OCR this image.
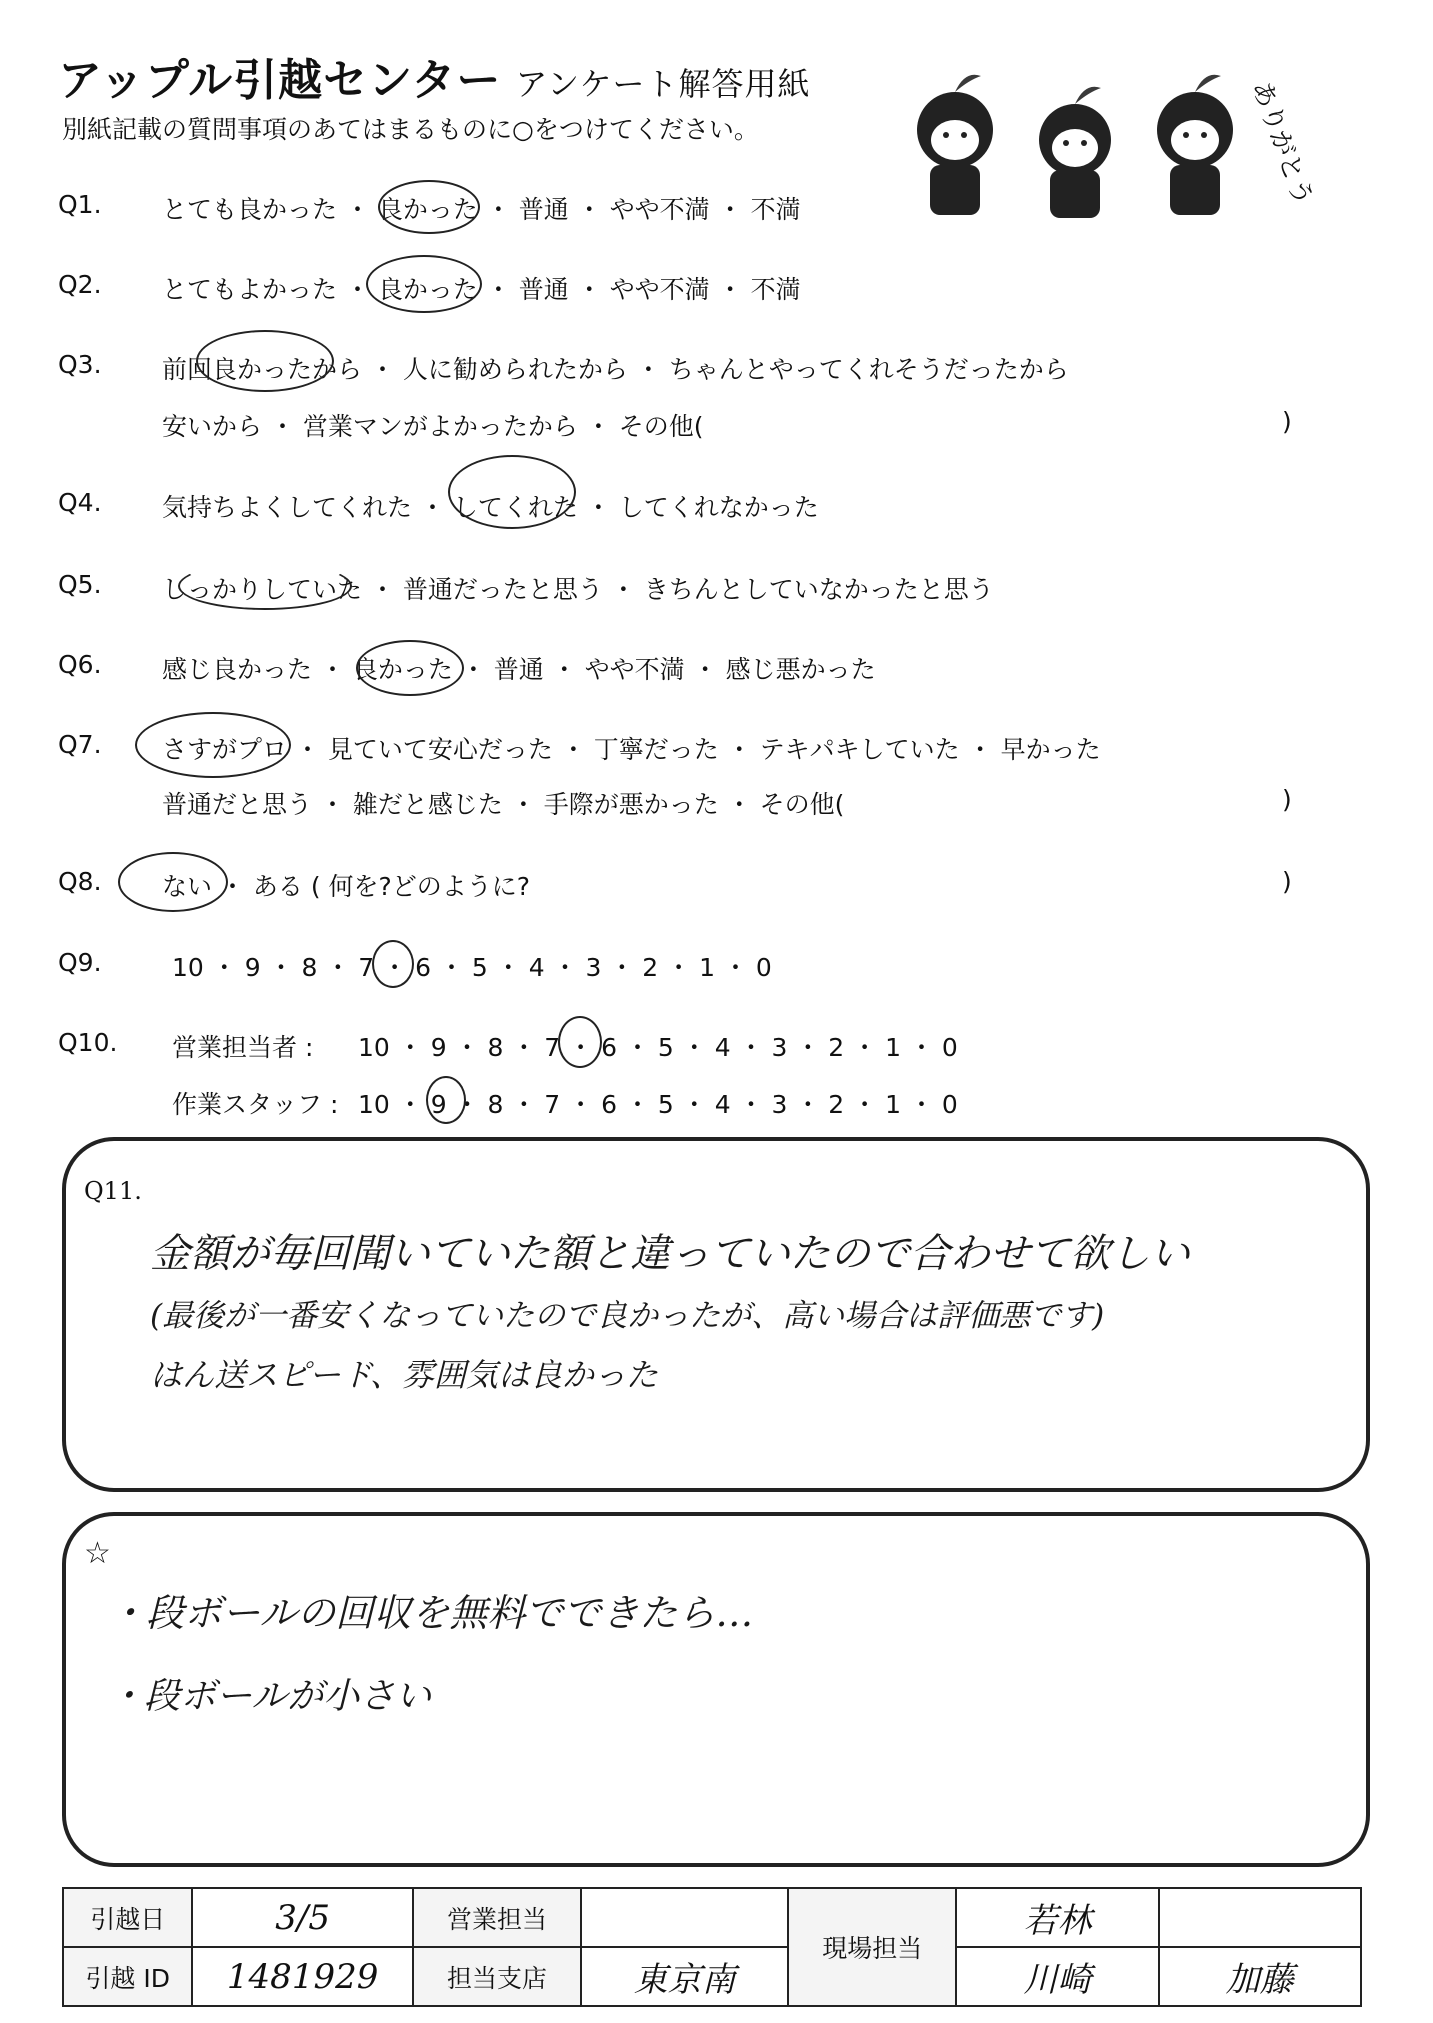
アップル引越センター アンケート解答用紙
別紙記載の質問事項のあてはまるものに○をつけてください。	ありがとう
Q1. とても良かった ・ 良かった ・ 普通 ・ やや不満 ・ 不満
Q2. とてもよかった ・ 良かった ・ 普通 ・ やや不満 ・ 不満
Q3. 前回良かったから ・ 人に勧められたから ・ ちゃんとやってくれそうだったから
安いから ・ 営業マンがよかったから ・ その他(	)
Q4. 気持ちよくしてくれた ・ してくれた ・ してくれなかった
Q5. しっかりしていた ・ 普通だったと思う ・ きちんとしていなかったと思う
Q6. 感じ良かった ・ 良かった ・ 普通 ・ やや不満 ・ 感じ悪かった
Q7. さすがプロ ・ 見ていて安心だった ・ 丁寧だった ・ テキパキしていた ・ 早かった
普通だと思う ・ 雑だと感じた ・ 手際が悪かった ・ その他(	)
Q8. ない ・ ある ( 何を?どのように?	)
Q9.	10 ・ 9 ・ 8 ・ 7 ・ 6 ・ 5 ・ 4 ・ 3 ・ 2 ・ 1 ・ 0
Q10. 営業担当者 : 10 ・ 9 ・ 8 ・ 7 ・ 6 ・ 5 ・ 4 ・ 3 ・ 2 ・ 1 ・ 0
作業スタッフ : 10 ・ 9 ・ 8 ・ 7 ・ 6 ・ 5 ・ 4 ・ 3 ・ 2 ・ 1 ・ 0
Q11.
金額が毎回聞いていた額と違っていたので合わせて欲しい
(最後が一番安くなっていたので良かったが、高い場合は評価悪です)
はん送スピード、雰囲気は良かった
☆
・段ボールの回収を無料でできたら…
・段ボールが小さい
引越日	3/5	営業担当		現場担当	若林	
引越 ID	1481929	担当支店	東京南		川崎	加藤
